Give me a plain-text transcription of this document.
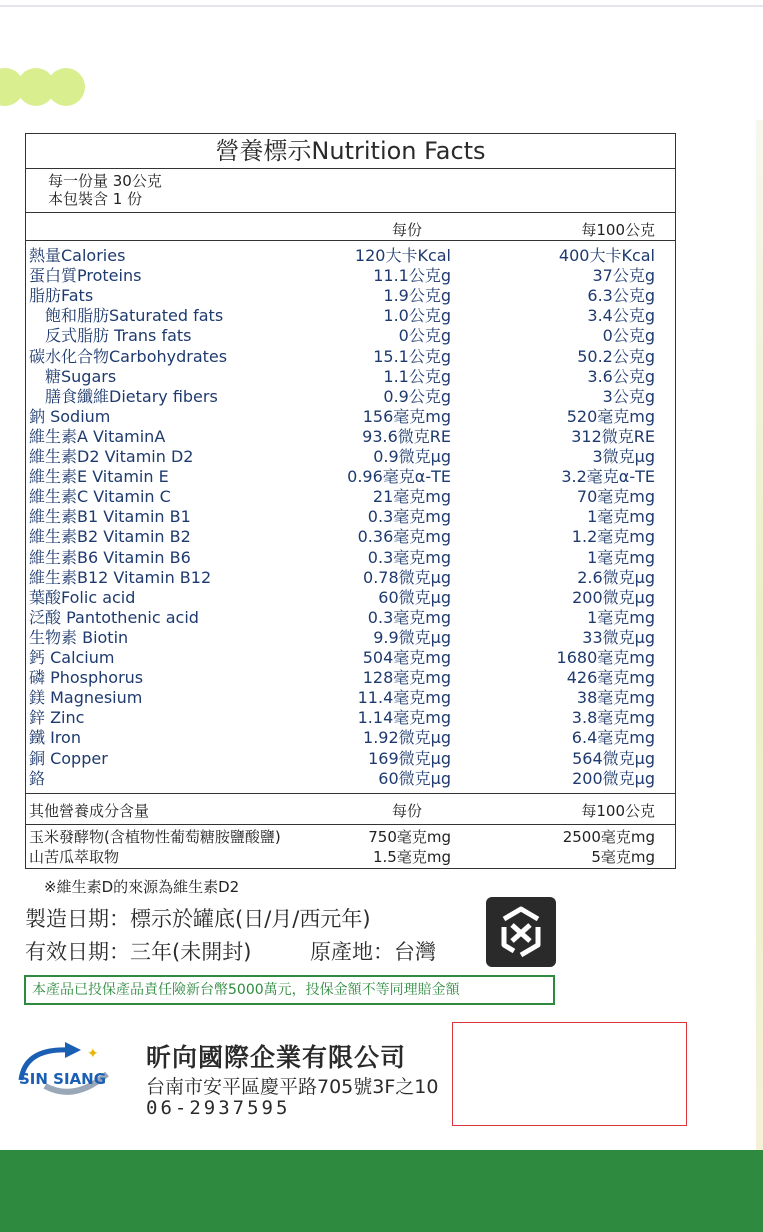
營養標示Nutrition Facts
每一份量 30公克
本包裝含 1 份
每份	每100公克
熱量Calories	120大卡Kcal	400大卡Kcal
蛋白質Proteins	11.1公克g	37公克g
脂肪Fats	1.9公克g	6.3公克g
飽和脂肪Saturated fats	1.0公克g	3.4公克g
反式脂肪 Trans fats	0公克g	0公克g
碳水化合物Carbohydrates	15.1公克g	50.2公克g
糖Sugars	1.1公克g	3.6公克g
膳食纖維Dietary fibers	0.9公克g	3公克g
鈉 Sodium	156毫克mg	520毫克mg
維生素A VitaminA	93.6微克RE	312微克RE
維生素D2 Vitamin D2	0.9微克μg	3微克μg
維生素E Vitamin E	0.96毫克α-TE	3.2毫克α-TE
維生素C Vitamin C	21毫克mg	70毫克mg
維生素B1 Vitamin B1	0.3毫克mg	1毫克mg
維生素B2 Vitamin B2	0.36毫克mg	1.2毫克mg
維生素B6 Vitamin B6	0.3毫克mg	1毫克mg
維生素B12 Vitamin B12	0.78微克μg	2.6微克μg
葉酸Folic acid	60微克μg	200微克μg
泛酸 Pantothenic acid	0.3毫克mg	1毫克mg
生物素 Biotin	9.9微克μg	33微克μg
鈣 Calcium	504毫克mg	1680毫克mg
磷 Phosphorus	128毫克mg	426毫克mg
鎂 Magnesium	11.4毫克mg	38毫克mg
鋅 Zinc	1.14毫克mg	3.8毫克mg
鐵 Iron	1.92微克μg	6.4毫克mg
銅 Copper	169微克μg	564微克μg
鉻	60微克μg	200微克μg
其他營養成分含量	每份	每100公克
玉米發酵物(含植物性葡萄糖胺鹽酸鹽)	750毫克mg	2500毫克mg
山苦瓜萃取物	1.5毫克mg	5毫克mg
※維生素D的來源為維生素D2
製造日期：標示於罐底(日/月/西元年)
有效日期：三年(未開封)	原產地：台灣
本產品已投保產品責任險新台幣5000萬元，投保金額不等同理賠金額
✦
SIN SIANG
昕向國際企業有限公司
台南市安平區慶平路705號3F之10
06-2937595
